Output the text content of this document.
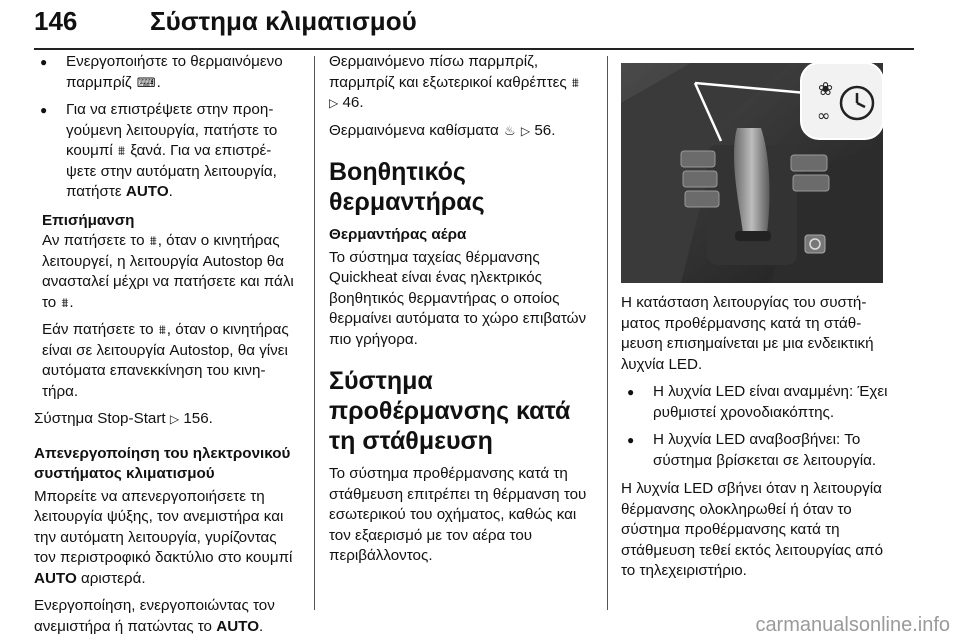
146	Σύστημα κλιματισμού
● Ενεργοποιήστε το θερμαινόμενο παρμπρίζ ⌨.
● Για να επιστρέψετε στην προηγούμενη λειτουργία, πατήστε το κουμπί ⩩ ξανά. Για να επιστρέψετε στην αυτόματη λειτουργία, πατήστε AUTO.
Επισήμανση

Αν πατήσετε το ⩩, όταν ο κινητήρας λειτουργεί, η λειτουργία Autostop θα ανασταλεί μέχρι να πατήσετε και πάλι το ⩩.

Εάν πατήσετε το ⩩, όταν ο κινητήρας είναι σε λειτουργία Autostop, θα γίνει αυτόματα επανεκκίνηση του κινητήρα.

Σύστημα Stop-Start ▷ 156.

Απενεργοποίηση του ηλεκτρονικού συστήματος κλιματισμού

Μπορείτε να απενεργοποιήσετε τη λειτουργία ψύξης, τον ανεμιστήρα και την αυτόματη λειτουργία, γυρίζοντας τον περιστροφικό δακτύλιο στο κουμπί AUTO αριστερά.

Ενεργοποίηση, ενεργοποιώντας τον ανεμιστήρα ή πατώντας το AUTO.

Θερμαινόμενο πίσω παρμπρίζ, παρμπρίζ και εξωτερικοί καθρέπτες ⩩ ▷ 46.

Θερμαινόμενα καθίσματα ♨ ▷ 56.

Βοηθητικός θερμαντήρας
Θερμαντήρας αέρα

Το σύστημα ταχείας θέρμανσης Quickheat είναι ένας ηλεκτρικός βοηθητικός θερμαντήρας ο οποίος θερμαίνει αυτόματα το χώρο επιβατών πιο γρήγορα.

Σύστημα προθέρμανσης κατά τη στάθμευση

Το σύστημα προθέρμανσης κατά τη στάθμευση επιτρέπει τη θέρμανση του εσωτερικού του οχήματος, καθώς και τον εξαερισμό με τον αέρα του περιβάλλοντος.

❀
∞

Η κατάσταση λειτουργίας του συστήματος προθέρμανσης κατά τη στάθμευση επισημαίνεται με μια ενδεικτική λυχνία LED.

● Η λυχνία LED είναι αναμμένη: Έχει ρυθμιστεί χρονοδιακόπτης.
● Η λυχνία LED αναβοσβήνει: Το σύστημα βρίσκεται σε λειτουργία.

Η λυχνία LED σβήνει όταν η λειτουργία θέρμανσης ολοκληρωθεί ή όταν το σύστημα προθέρμανσης κατά τη στάθμευση τεθεί εκτός λειτουργίας από το τηλεχειριστήριο.

carmanualsonline.info
